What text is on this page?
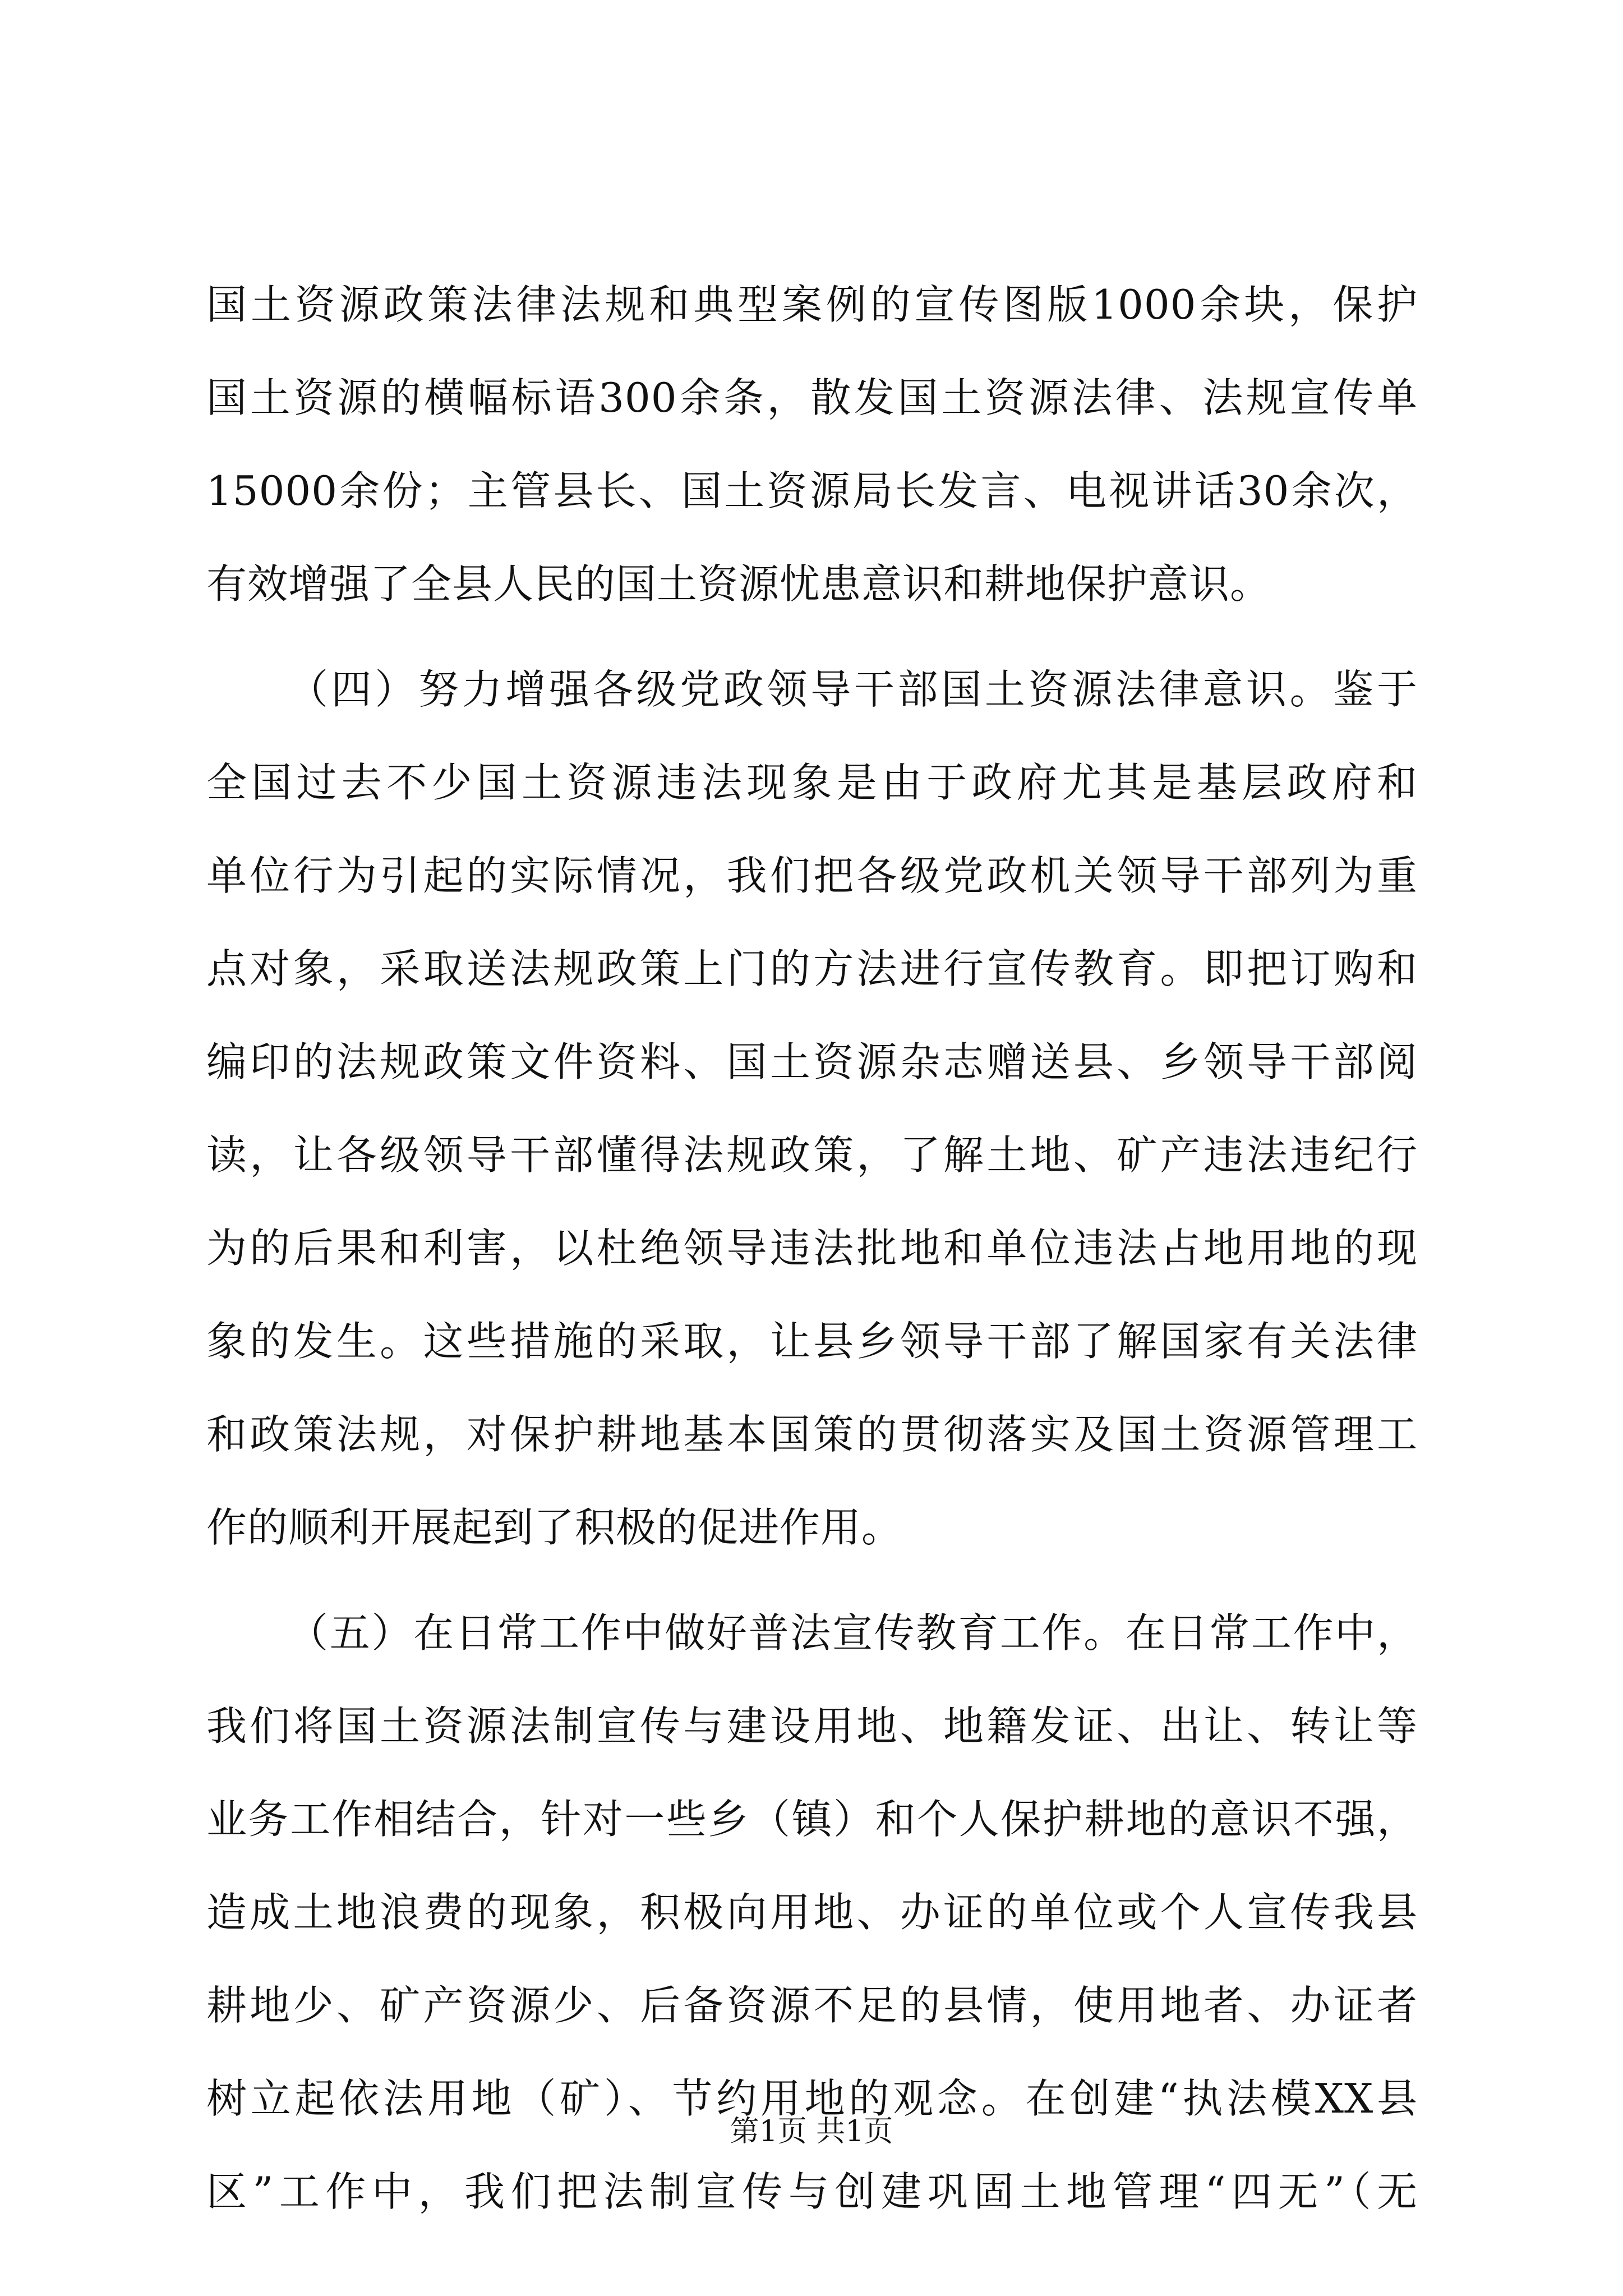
国土资源政策法律法规和典型案例的宣传图版1000余块，保护
国土资源的横幅标语300余条，散发国土资源法律、法规宣传单
15000余份；主管县长、国土资源局长发言、电视讲话30余次，
有效增强了全县人民的国土资源忧患意识和耕地保护意识。
（四）努力增强各级党政领导干部国土资源法律意识。鉴于
全国过去不少国土资源违法现象是由于政府尤其是基层政府和
单位行为引起的实际情况，我们把各级党政机关领导干部列为重
点对象，采取送法规政策上门的方法进行宣传教育。即把订购和
编印的法规政策文件资料、国土资源杂志赠送县、乡领导干部阅
读，让各级领导干部懂得法规政策，了解土地、矿产违法违纪行
为的后果和利害，以杜绝领导违法批地和单位违法占地用地的现
象的发生。这些措施的采取，让县乡领导干部了解国家有关法律
和政策法规，对保护耕地基本国策的贯彻落实及国土资源管理工
作的顺利开展起到了积极的促进作用。
（五）在日常工作中做好普法宣传教育工作。在日常工作中，
我们将国土资源法制宣传与建设用地、地籍发证、出让、转让等
业务工作相结合，针对一些乡（镇）和个人保护耕地的意识不强，
造成土地浪费的现象，积极向用地、办证的单位或个人宣传我县
耕地少、矿产资源少、后备资源不足的县情，使用地者、办证者
树立起依法用地（矿）、节约用地的观念。在创建“执法模XX县
区”工作中，我们把法制宣传与创建巩固土地管理“四无”（无
第1页 共1页
